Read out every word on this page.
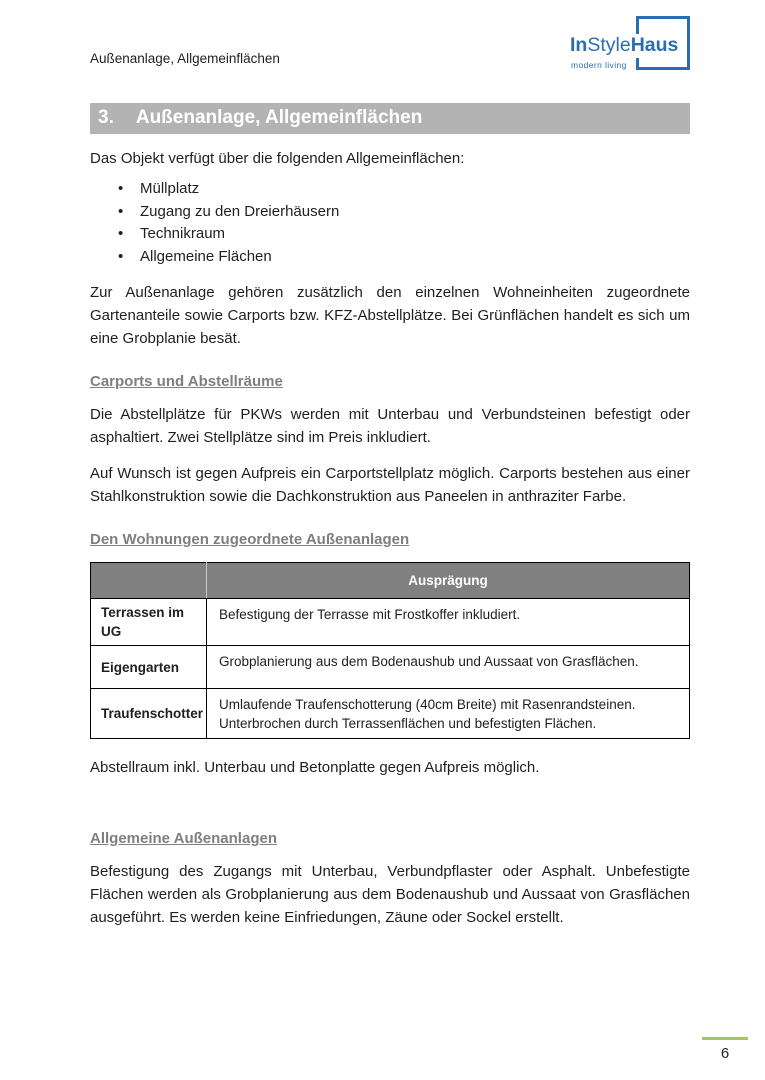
Außenanlage, Allgemeinflächen
InStyleHaus
modern living
3. Außenanlage, Allgemeinflächen

Das Objekt verfügt über die folgenden Allgemeinflächen:

• Müllplatz
• Zugang zu den Dreierhäusern
• Technikraum
• Allgemeine Flächen

Zur Außenanlage gehören zusätzlich den einzelnen Wohneinheiten zugeordnete Gartenanteile sowie Carports bzw. KFZ-Abstellplätze. Bei Grünflächen handelt es sich um eine Grobplanie besät.

Carports und Abstellräume

Die Abstellplätze für PKWs werden mit Unterbau und Verbundsteinen befestigt oder asphaltiert. Zwei Stellplätze sind im Preis inkludiert.

Auf Wunsch ist gegen Aufpreis ein Carportstellplatz möglich. Carports bestehen aus einer Stahlkonstruktion sowie die Dachkonstruktion aus Paneelen in anthraziter Farbe.

Den Wohnungen zugeordnete Außenanlagen
	Ausprägung
Terrassen im UG	Befestigung der Terrasse mit Frostkoffer inkludiert.
Eigengarten	Grobplanierung aus dem Bodenaushub und Aussaat von Grasflächen.
Traufenschotter	Umlaufende Traufenschotterung (40cm Breite) mit Rasenrandsteinen. Unterbrochen durch Terrassenflächen und befestigten Flächen.

Abstellraum inkl. Unterbau und Betonplatte gegen Aufpreis möglich.

Allgemeine Außenanlagen

Befestigung des Zugangs mit Unterbau, Verbundpflaster oder Asphalt. Unbefestigte Flächen werden als Grobplanierung aus dem Bodenaushub und Aussaat von Grasflächen ausgeführt. Es werden keine Einfriedungen, Zäune oder Sockel erstellt.

6
